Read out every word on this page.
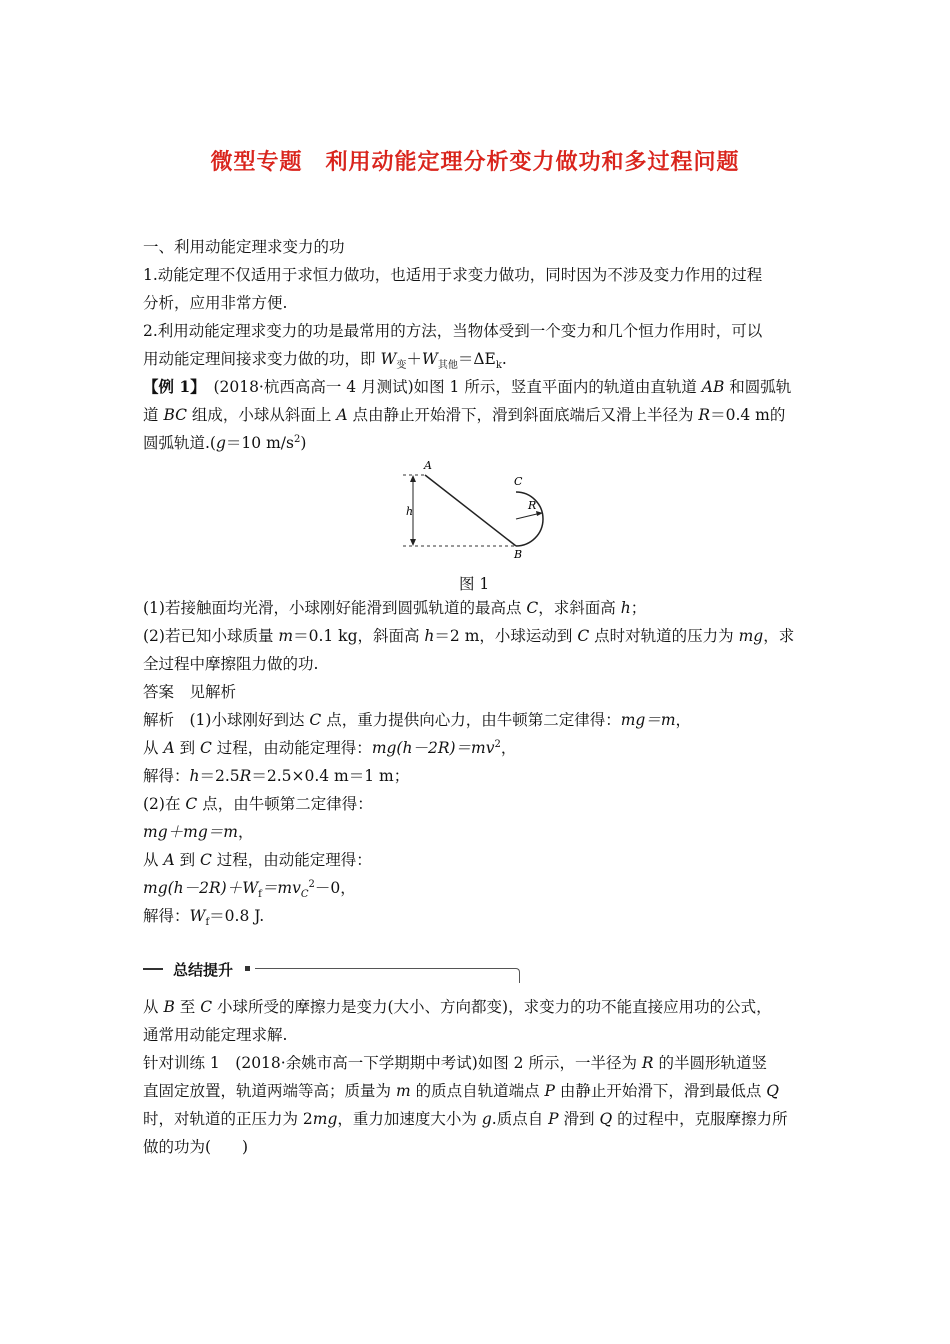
微型专题　利用动能定理分析变力做功和多过程问题
一、利用动能定理求变力的功
1.动能定理不仅适用于求恒力做功，也适用于求变力做功，同时因为不涉及变力作用的过程
分析，应用非常方便.
2.利用动能定理求变力的功是最常用的方法，当物体受到一个变力和几个恒力作用时，可以
用动能定理间接求变力做的功，即 $W_变+W_{其他}=\Delta E_k$.
【例 1】　(2018·杭西高高一 4 月测试)如图 1 所示，竖直平面内的轨道由直轨道 AB 和圆弧轨
道 BC 组成，小球从斜面上 A 点由静止开始滑下，滑到斜面底端后又滑上半径为 R＝0.4 m的
圆弧轨道.(g＝10 $m/s^2$)
A
B
C
h	R
图 1
(1)若接触面均光滑，小球刚好能滑到圆弧轨道的最高点 C，求斜面高 h；
(2)若已知小球质量 m＝0.1 kg，斜面高 h＝2 m，小球运动到 C 点时对轨道的压力为 mg，求
全过程中摩擦阻力做的功.
答案　见解析
解析　(1)小球刚好到达 C 点，重力提供向心力，由牛顿第二定律得：mg＝m，
从 A 到 C 过程，由动能定理得：$mg(h-2R)=mv^2$，
解得：h＝2.5R＝2.5×0.4 m＝1 m；
(2)在 C 点，由牛顿第二定律得：
mg＋mg＝m，
从 A 到 C 过程，由动能定理得：
$mg(h-2R)+W_f=mv_C^2-0$，
解得：$W_f=0.8$ J.
总结提升
从 B 至 C 小球所受的摩擦力是变力(大小、方向都变)，求变力的功不能直接应用功的公式，
通常用动能定理求解.
针对训练 1　(2018·余姚市高一下学期期中考试)如图 2 所示，一半径为 R 的半圆形轨道竖
直固定放置，轨道两端等高；质量为 m 的质点自轨道端点 P 由静止开始滑下，滑到最低点 Q
时，对轨道的正压力为 2mg，重力加速度大小为 g.质点自 P 滑到 Q 的过程中，克服摩擦力所
做的功为(　　)
